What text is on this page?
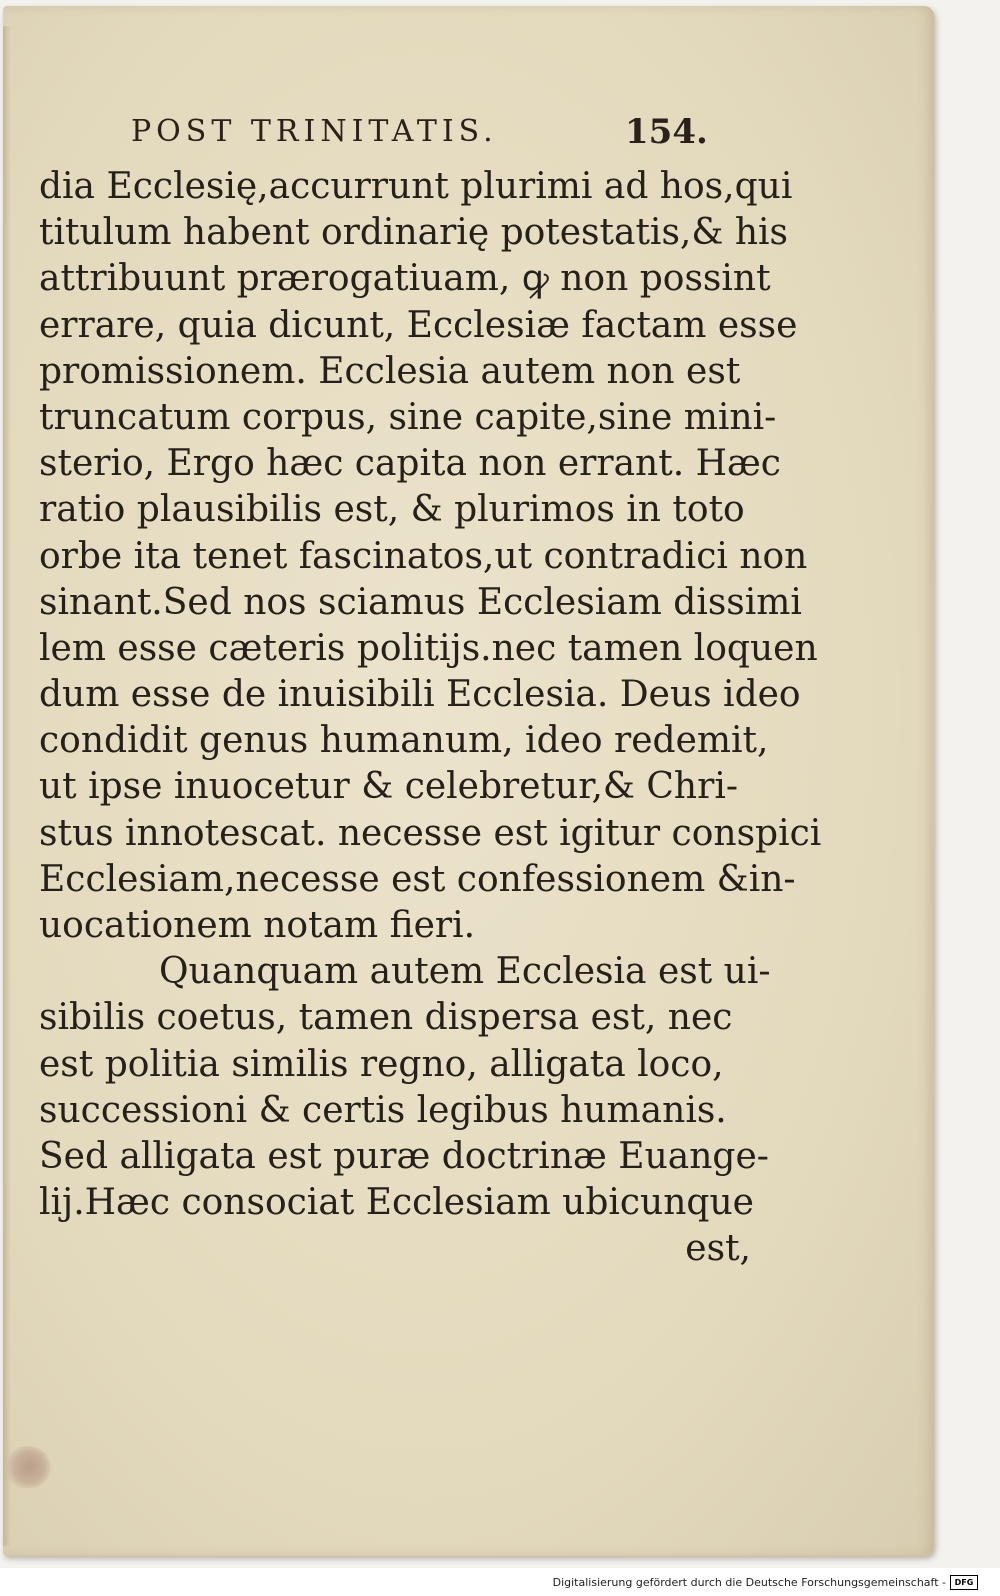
POST TRINITATIS.	154.
dia Ecclesię,accurrunt plurimi ad hos,qui
titulum habent ordinarię potestatis,& his
attribuunt prærogatiuam, ꝙ non possint
errare, quia dicunt, Ecclesiæ factam esse
promissionem. Ecclesia autem non est
truncatum corpus, sine capite,sine mini-
sterio, Ergo hæc capita non errant. Hæc
ratio plausibilis est, & plurimos in toto
orbe ita tenet fascinatos,ut contradici non
sinant.Sed nos sciamus Ecclesiam dissimi
lem esse cæteris politijs.nec tamen loquen
dum esse de inuisibili Ecclesia. Deus ideo
condidit genus humanum, ideo redemit,
ut ipse inuocetur & celebretur,& Chri-
stus innotescat. necesse est igitur conspici
Ecclesiam,necesse est confessionem &in-
uocationem notam fieri.
Quanquam autem Ecclesia est ui-
sibilis coetus, tamen dispersa est, nec
est politia similis regno, alligata loco,
successioni & certis legibus humanis.
Sed alligata est puræ doctrinæ Euange-
lij.Hæc consociat Ecclesiam ubicunque
est,
Digitalisierung gefördert durch die Deutsche Forschungsgemeinschaft -	DFG
